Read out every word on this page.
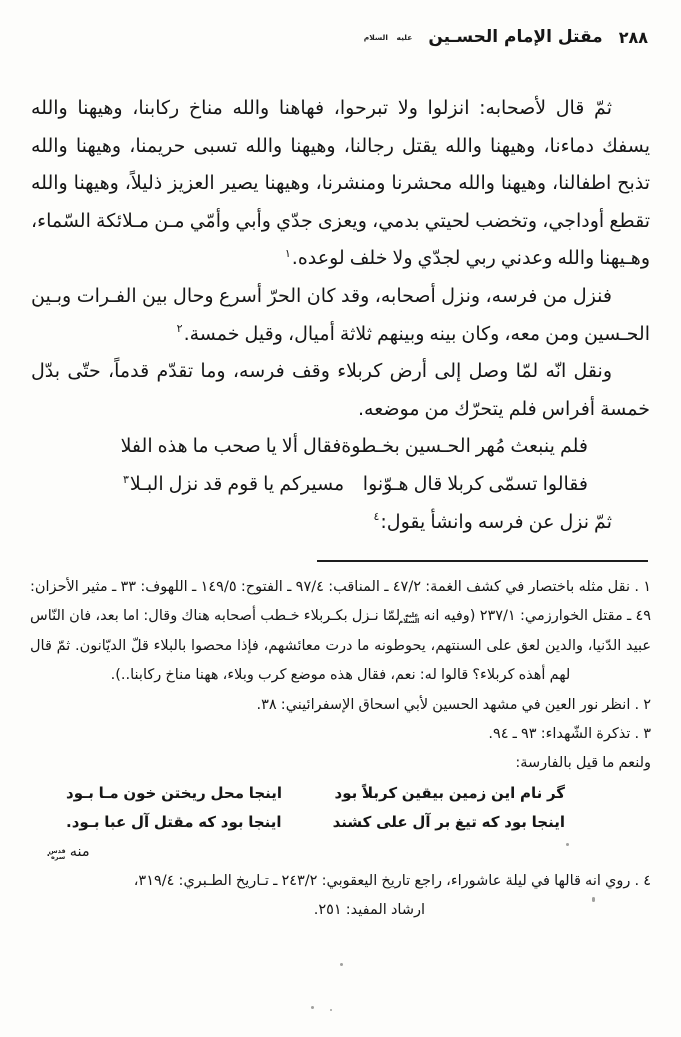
٢٨٨
مقتل الإمام الحسـين
عليه السلام

ثمّ قال لأصحابه: انزلوا ولا تبرحوا، فهاهنا والله مناخ ركابنا، وهيهنا والله يسفك دماءنا، وهيهنا والله يقتل رجالنا، وهيهنا والله تسبى حريمنا، وهيهنا والله تذبح اطفالنا، وهيهنا والله محشرنا ومنشرنا، وهيهنا يصير العزيز ذليلاً، وهيهنا والله تقطع أوداجي، وتخضب لحيتي بدمي، ويعزى جدّي وأبي وأمّي مـن مـلائكة السّماء، وهـيهنا والله وعدني ربي لجدّي ولا خلف لوعده.$^١$

فنزل من فرسه، ونزل أصحابه، وقد كان الحرّ أسرع وحال بين الفـرات وبـين الحـسين ومن معه، وكان بينه وبينهم ثلاثة أميال، وقيل خمسة.$^٢$

ونقل انّه لمّا وصل إلى أرض كربلاء وقف فرسه، وما تقدّم قدماً، حتّى بدّل خمسة أفراس فلم يتحرّك من موضعه.

فلم ينبعث مُهر الحـسين بخـطوة
فقال ألا يا صحب ما هذه الفلا
فقالوا تسمّى كربلا قال هـوّنوا
مسيركم يا قوم قد نزل البـلا$^٣$

ثمّ نزل عن فرسه وانشأ يقول:$^٤$

١ . نقل مثله باختصار في كشف الغمة: ٤٧/٢ ـ المناقب: ٩٧/٤ ـ الفتوح: ١٤٩/٥ ـ اللهوف: ٣٣ ـ مثير الأحزان: ٤٩ ـ مقتل الخوارزمي: ٢٣٧/١ (وفيه انه عليه السلام لمّا نـزل بكـربلاء خـطب أصحابه هناك وقال: اما بعد، فان النّاس عبيد الدّنيا، والدين لعق على السنتهم، يحوطونه ما درت معائشهم، فإذا محصوا بالبلاء قلّ الديّانون. ثمّ قال لهم أهذه كربلاء؟ قالوا له: نعم، فقال هذه موضع كرب وبلاء، ههنا مناخ ركابنا..).

٢ . انظر نور العين في مشهد الحسين لأبي اسحاق الإسفرائيني: ٣٨.

٣ . تذكرة الشّهداء: ٩٣ ـ ٩٤.

ولنعم ما قيل بالفارسة:

گر نام اين زمين بيقين كربلاً بود
اينجا محل ريختن خون مـا بـود
اينجا بود كه تيغ بر آل على كشند
اينجا بود كه مقتل آل عبا بـود.

منه قدس سره.

٤ . روي انه قالها في ليلة عاشوراء، راجع تاريخ اليعقوبي: ٢٤٣/٢ ـ تـاريخ الطـبري: ٣١٩/٤،

ارشاد المفيد: ٢٥١.
